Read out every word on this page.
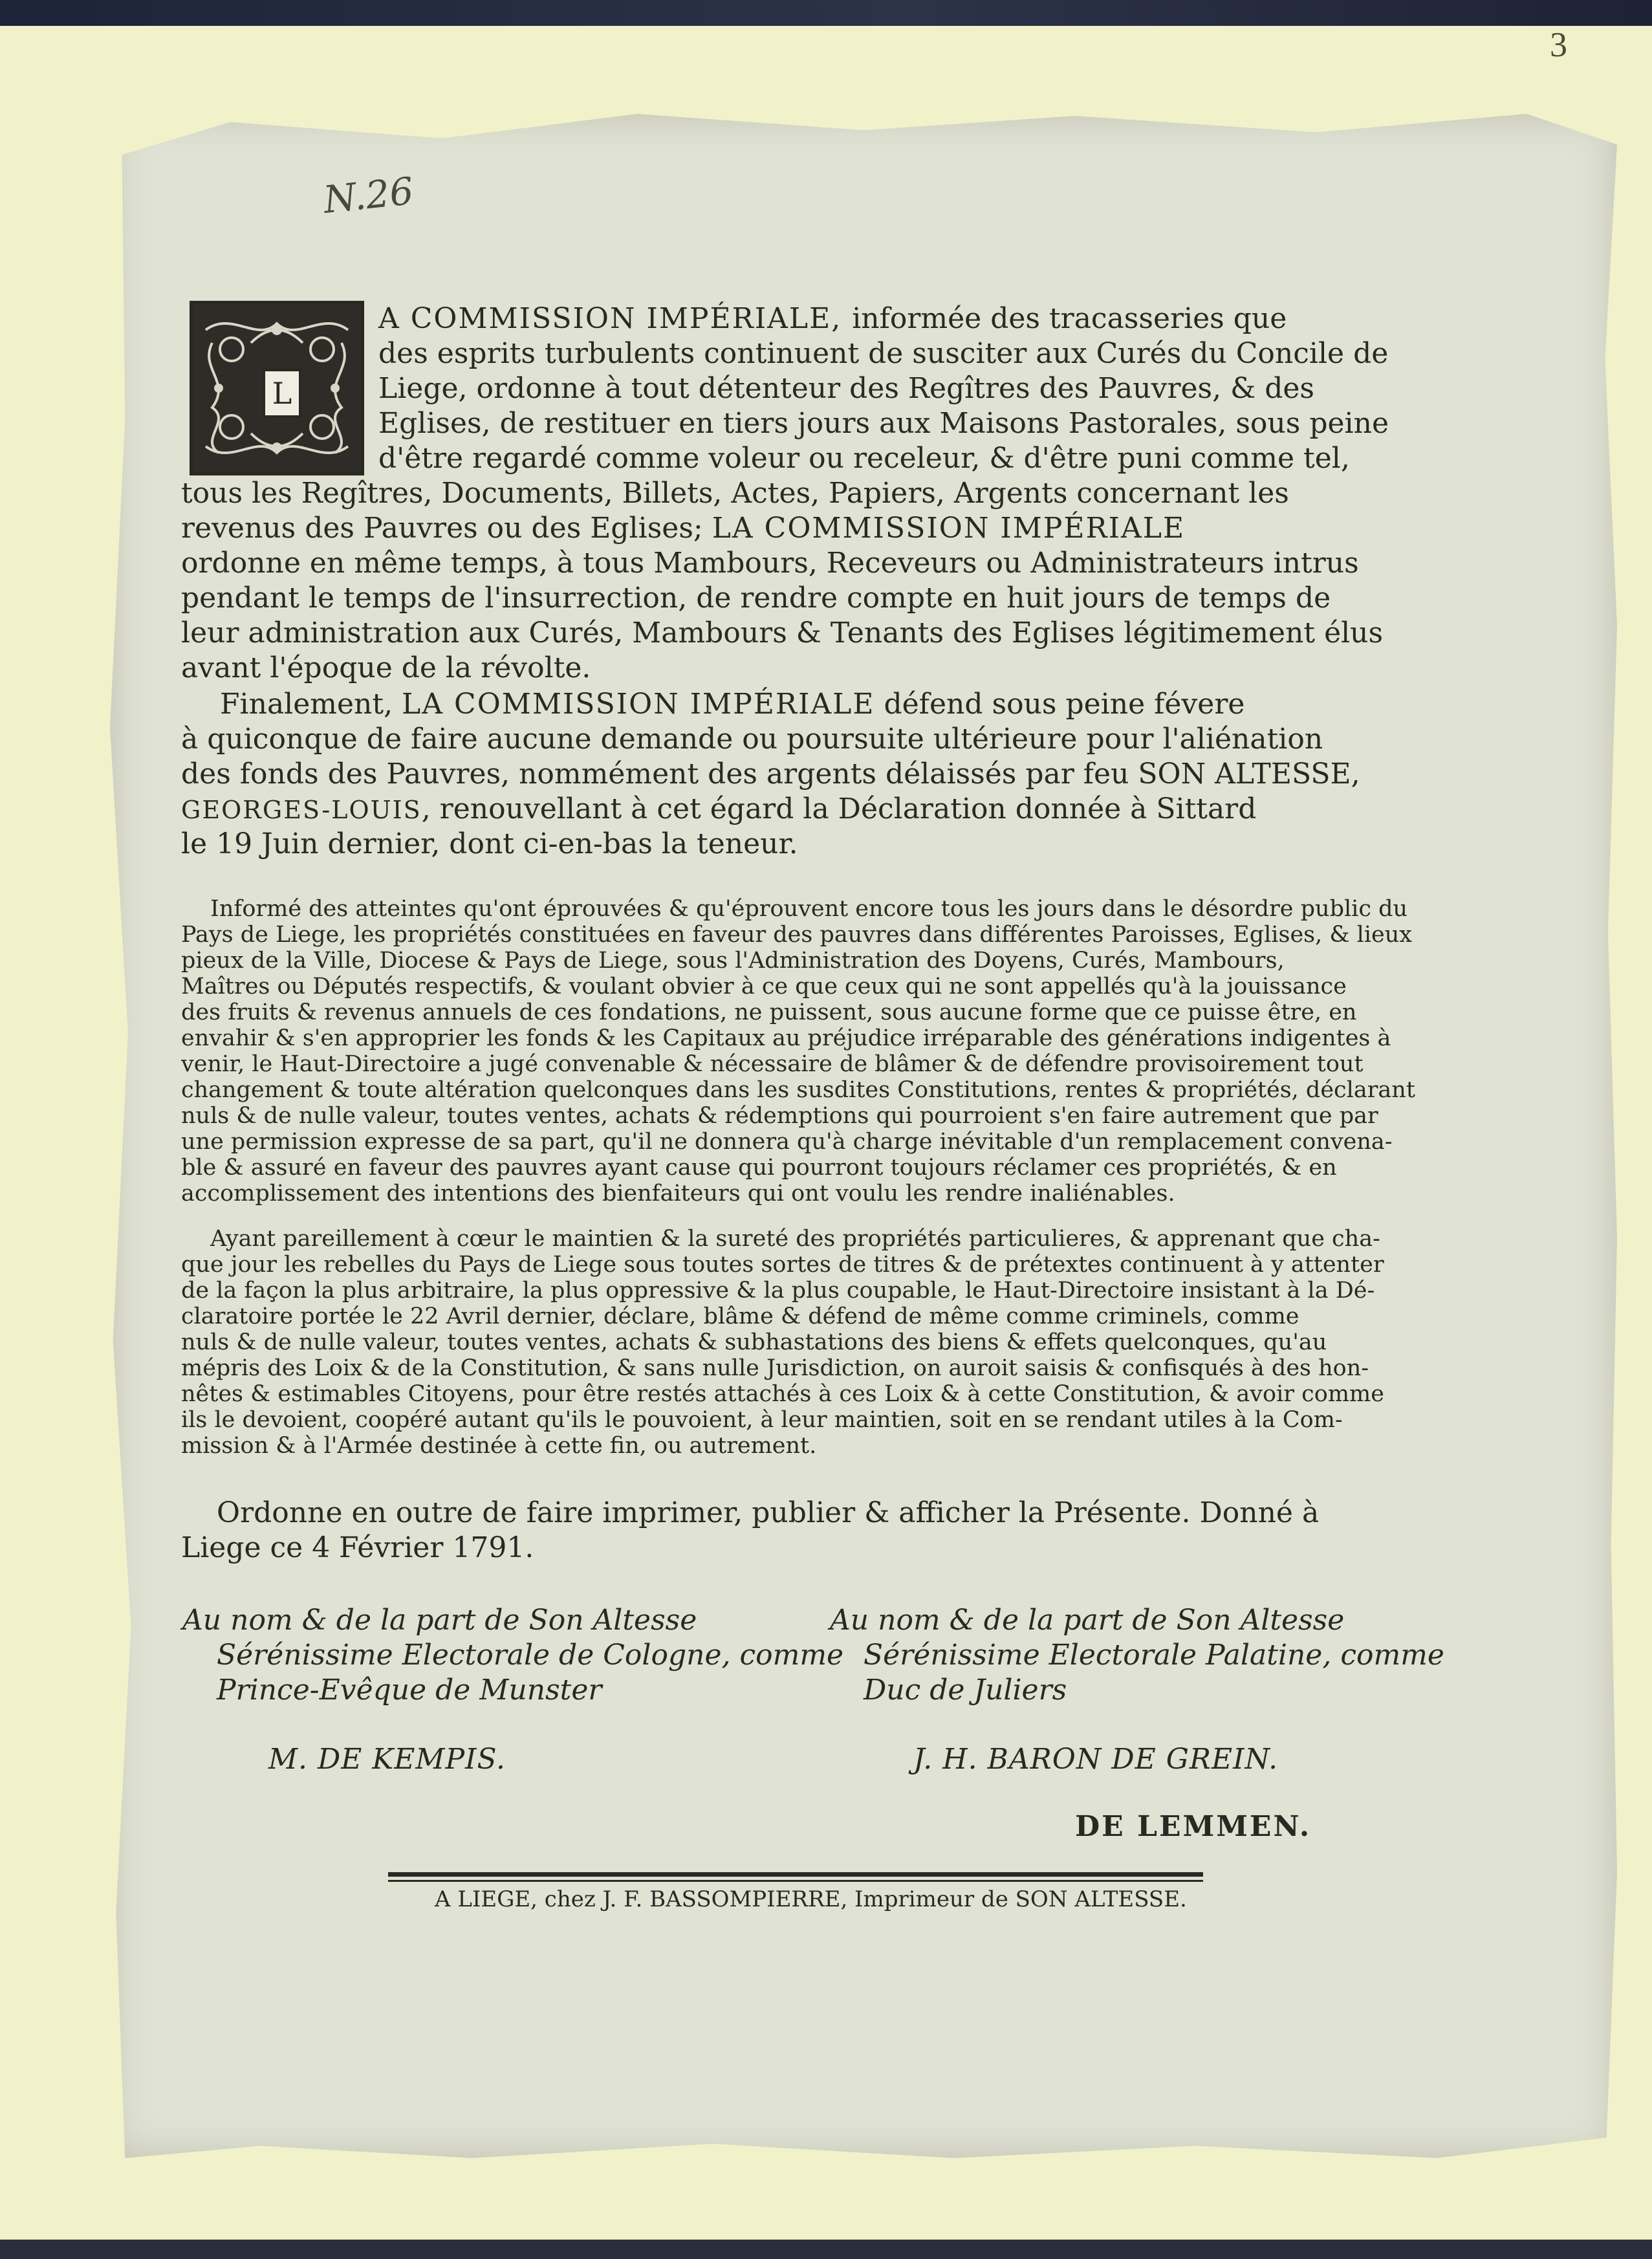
3
N.26
L
A COMMISSION IMPÉRIALE, informée des tracasseries que
des esprits turbulents continuent de susciter aux Curés du Concile de
Liege, ordonne à tout détenteur des Regîtres des Pauvres, & des
Eglises, de restituer en tiers jours aux Maisons Pastorales, sous peine
d'être regardé comme voleur ou receleur, & d'être puni comme tel,
tous les Regîtres, Documents, Billets, Actes, Papiers, Argents concernant les
revenus des Pauvres ou des Eglises; LA COMMISSION IMPÉRIALE
ordonne en même temps, à tous Mambours, Receveurs ou Administrateurs intrus
pendant le temps de l'insurrection, de rendre compte en huit jours de temps de
leur administration aux Curés, Mambours & Tenants des Eglises légitimement élus
avant l'époque de la révolte.
Finalement, LA COMMISSION IMPÉRIALE défend sous peine févere
à quiconque de faire aucune demande ou poursuite ultérieure pour l'aliénation
des fonds des Pauvres, nommément des argents délaissés par feu SON ALTESSE,
GEORGES-LOUIS, renouvellant à cet égard la Déclaration donnée à Sittard
le 19 Juin dernier, dont ci-en-bas la teneur.
Informé des atteintes qu'ont éprouvées & qu'éprouvent encore tous les jours dans le désordre public du
Pays de Liege, les propriétés constituées en faveur des pauvres dans différentes Paroisses, Eglises, & lieux
pieux de la Ville, Diocese & Pays de Liege, sous l'Administration des Doyens, Curés, Mambours,
Maîtres ou Députés respectifs, & voulant obvier à ce que ceux qui ne sont appellés qu'à la jouissance
des fruits & revenus annuels de ces fondations, ne puissent, sous aucune forme que ce puisse être, en
envahir & s'en approprier les fonds & les Capitaux au préjudice irréparable des générations indigentes à
venir, le Haut-Directoire a jugé convenable & nécessaire de blâmer & de défendre provisoirement tout
changement & toute altération quelconques dans les susdites Constitutions, rentes & propriétés, déclarant
nuls & de nulle valeur, toutes ventes, achats & rédemptions qui pourroient s'en faire autrement que par
une permission expresse de sa part, qu'il ne donnera qu'à charge inévitable d'un remplacement convena-
ble & assuré en faveur des pauvres ayant cause qui pourront toujours réclamer ces propriétés, & en
accomplissement des intentions des bienfaiteurs qui ont voulu les rendre inaliénables.
Ayant pareillement à cœur le maintien & la sureté des propriétés particulieres, & apprenant que cha-
que jour les rebelles du Pays de Liege sous toutes sortes de titres & de prétextes continuent à y attenter
de la façon la plus arbitraire, la plus oppressive & la plus coupable, le Haut-Directoire insistant à la Dé-
claratoire portée le 22 Avril dernier, déclare, blâme & défend de même comme criminels, comme
nuls & de nulle valeur, toutes ventes, achats & subhastations des biens & effets quelconques, qu'au
mépris des Loix & de la Constitution, & sans nulle Jurisdiction, on auroit saisis & confisqués à des hon-
nêtes & estimables Citoyens, pour être restés attachés à ces Loix & à cette Constitution, & avoir comme
ils le devoient, coopéré autant qu'ils le pouvoient, à leur maintien, soit en se rendant utiles à la Com-
mission & à l'Armée destinée à cette fin, ou autrement.
Ordonne en outre de faire imprimer, publier & afficher la Présente. Donné à
Liege ce 4 Février 1791.
Au nom & de la part de Son Altesse
Sérénissime Electorale de Cologne, comme
Prince-Evêque de Munster
M. DE KEMPIS.
Au nom & de la part de Son Altesse
Sérénissime Electorale Palatine, comme
Duc de Juliers
J. H. BARON DE GREIN.
DE LEMMEN.
A LIEGE, chez J. F. BASSOMPIERRE, Imprimeur de SON ALTESSE.
